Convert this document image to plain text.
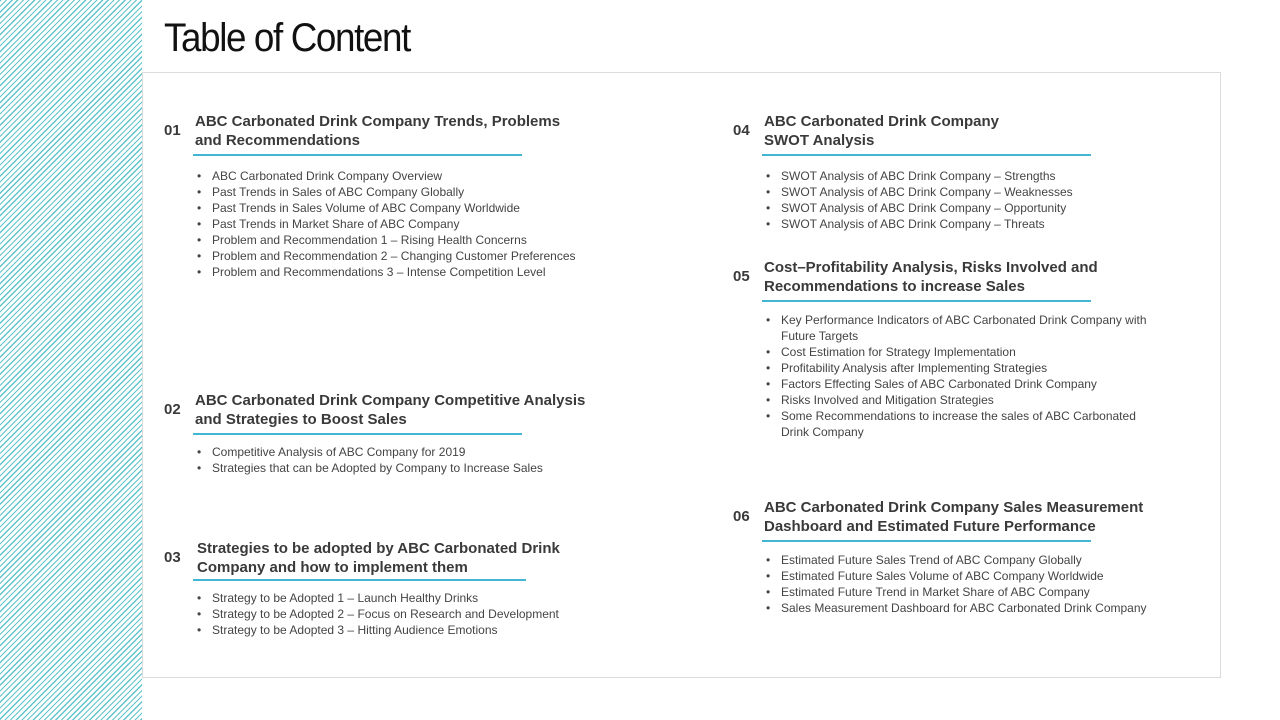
Table of Content
01
ABC Carbonated Drink Company Trends, Problems
and Recommendations
• ABC Carbonated Drink Company Overview
• Past Trends in Sales of ABC Company Globally
• Past Trends in Sales Volume of ABC Company Worldwide
• Past Trends in Market Share of ABC Company
• Problem and Recommendation 1 – Rising Health Concerns
• Problem and Recommendation 2 – Changing Customer Preferences
• Problem and Recommendations 3 – Intense Competition Level
02
ABC Carbonated Drink Company Competitive Analysis
and Strategies to Boost Sales
• Competitive Analysis of ABC Company for 2019
• Strategies that can be Adopted by Company to Increase Sales
03
Strategies to be adopted by ABC Carbonated Drink
Company and how to implement them
• Strategy to be Adopted 1 – Launch Healthy Drinks
• Strategy to be Adopted 2 – Focus on Research and Development
• Strategy to be Adopted 3 – Hitting Audience Emotions
04
ABC Carbonated Drink Company
SWOT Analysis
• SWOT Analysis of ABC Drink Company – Strengths
• SWOT Analysis of ABC Drink Company – Weaknesses
• SWOT Analysis of ABC Drink Company – Opportunity
• SWOT Analysis of ABC Drink Company – Threats
05
Cost–Profitability Analysis, Risks Involved and
Recommendations to increase Sales
• Key Performance Indicators of ABC Carbonated Drink Company with
Future Targets
• Cost Estimation for Strategy Implementation
• Profitability Analysis after Implementing Strategies
• Factors Effecting Sales of ABC Carbonated Drink Company
• Risks Involved and Mitigation Strategies
• Some Recommendations to increase the sales of ABC Carbonated
Drink Company
06
ABC Carbonated Drink Company Sales Measurement
Dashboard and Estimated Future Performance
• Estimated Future Sales Trend of ABC Company Globally
• Estimated Future Sales Volume of ABC Company Worldwide
• Estimated Future Trend in Market Share of ABC Company
• Sales Measurement Dashboard for ABC Carbonated Drink Company
